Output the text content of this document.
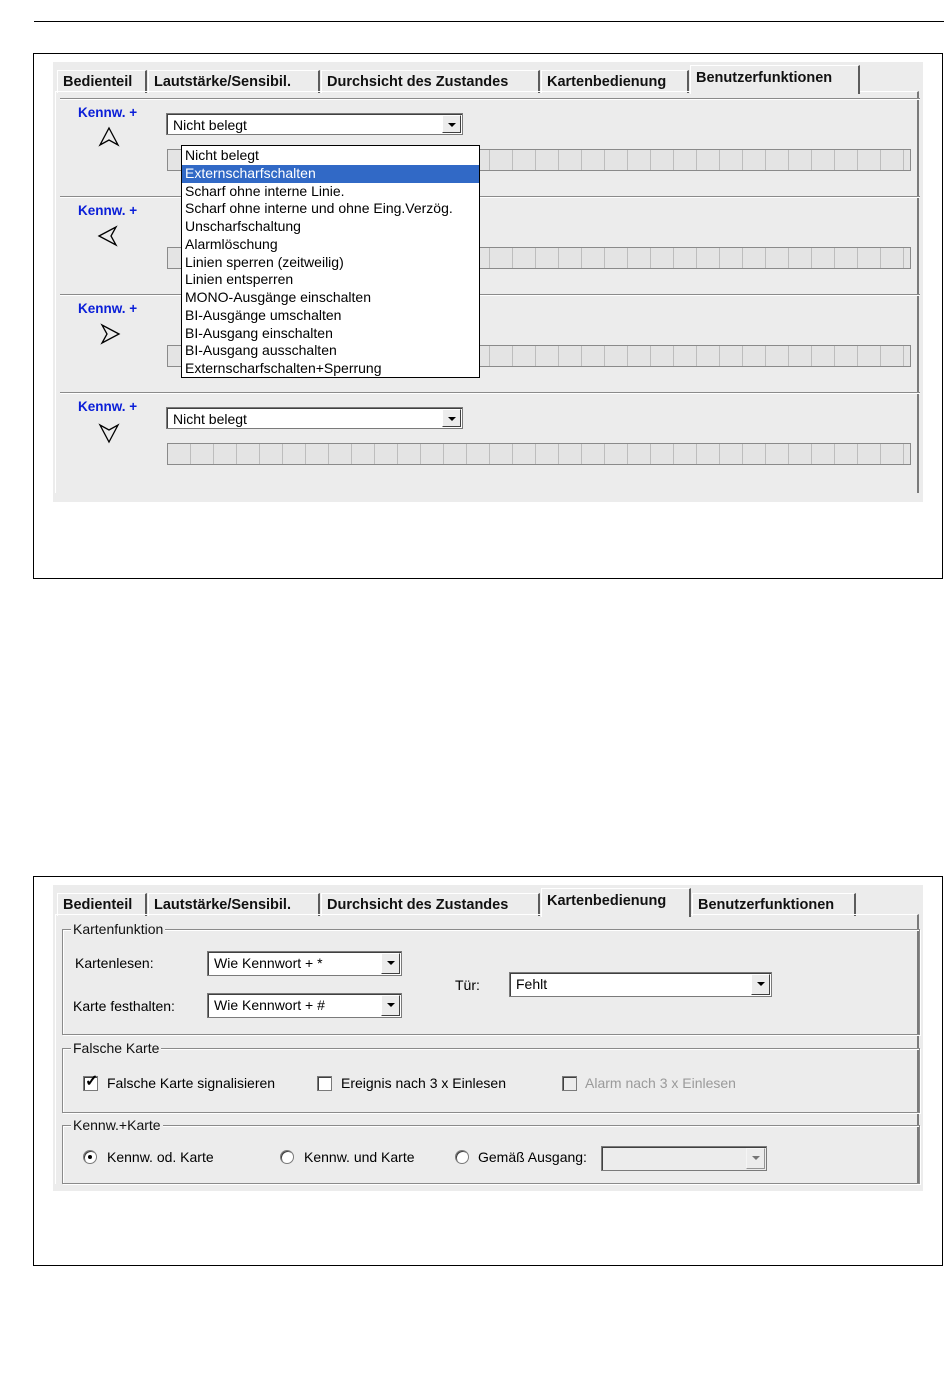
Bedienteil	Lautstärke/Sensibil.	Durchsicht des Zustandes	Kartenbedienung	Benutzerfunktionen
Kennw. +
Nicht belegt
Kennw. +
Kennw. +
Kennw. +
Nicht belegt
Nicht belegt
Externscharfschalten
Scharf ohne interne Linie.
Scharf ohne interne und ohne Eing.Verzög.
Unscharfschaltung
Alarmlöschung
Linien sperren (zeitweilig)
Linien entsperren
MONO-Ausgänge einschalten
BI-Ausgänge umschalten
BI-Ausgang einschalten
BI-Ausgang ausschalten
Externscharfschalten+Sperrung
Bedienteil	Lautstärke/Sensibil.	Durchsicht des Zustandes	Kartenbedienung	Benutzerfunktionen
Kartenfunktion
Kartenlesen:	Wie Kennwort + *
Karte festhalten:	Wie Kennwort + #
Tür:	Fehlt
Falsche Karte
✓ Falsche Karte signalisieren	Ereignis nach 3 x Einlesen	Alarm nach 3 x Einlesen
Kennw.+Karte
Kennw. od. Karte	Kennw. und Karte	Gemäß Ausgang:
